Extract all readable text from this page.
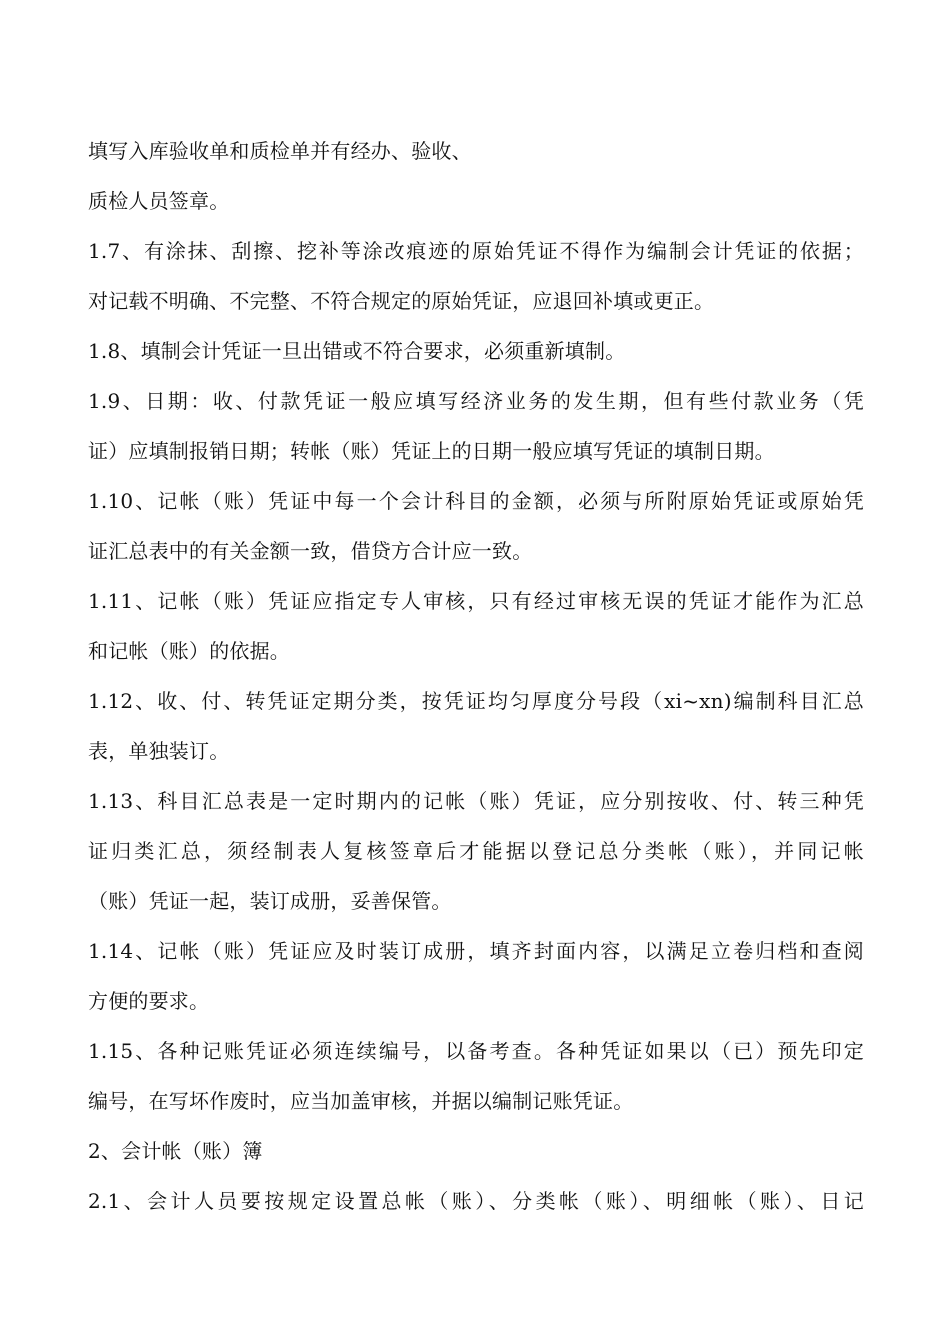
填写入库验收单和质检单并有经办、验收、
质检人员签章。
1.7、有涂抹、刮擦、挖补等涂改痕迹的原始凭证不得作为编制会计凭证的依据；
对记载不明确、不完整、不符合规定的原始凭证，应退回补填或更正。
1.8、填制会计凭证一旦出错或不符合要求，必须重新填制。
1.9、日期：收、付款凭证一般应填写经济业务的发生期，但有些付款业务（凭
证）应填制报销日期；转帐（账）凭证上的日期一般应填写凭证的填制日期。
1.10、记帐（账）凭证中每一个会计科目的金额，必须与所附原始凭证或原始凭
证汇总表中的有关金额一致，借贷方合计应一致。
1.11、记帐（账）凭证应指定专人审核，只有经过审核无误的凭证才能作为汇总
和记帐（账）的依据。
1.12、收、付、转凭证定期分类，按凭证均匀厚度分号段（xi~xn)编制科目汇总
表，单独装订。
1.13、科目汇总表是一定时期内的记帐（账）凭证，应分别按收、付、转三种凭
证归类汇总，须经制表人复核签章后才能据以登记总分类帐（账），并同记帐
（账）凭证一起，装订成册，妥善保管。
1.14、记帐（账）凭证应及时装订成册，填齐封面内容，以满足立卷归档和查阅
方便的要求。
1.15、各种记账凭证必须连续编号，以备考查。各种凭证如果以（已）预先印定
编号，在写坏作废时，应当加盖审核，并据以编制记账凭证。
2、会计帐（账）簿
2.1、会计人员要按规定设置总帐（账）、分类帐（账）、明细帐（账）、日记
